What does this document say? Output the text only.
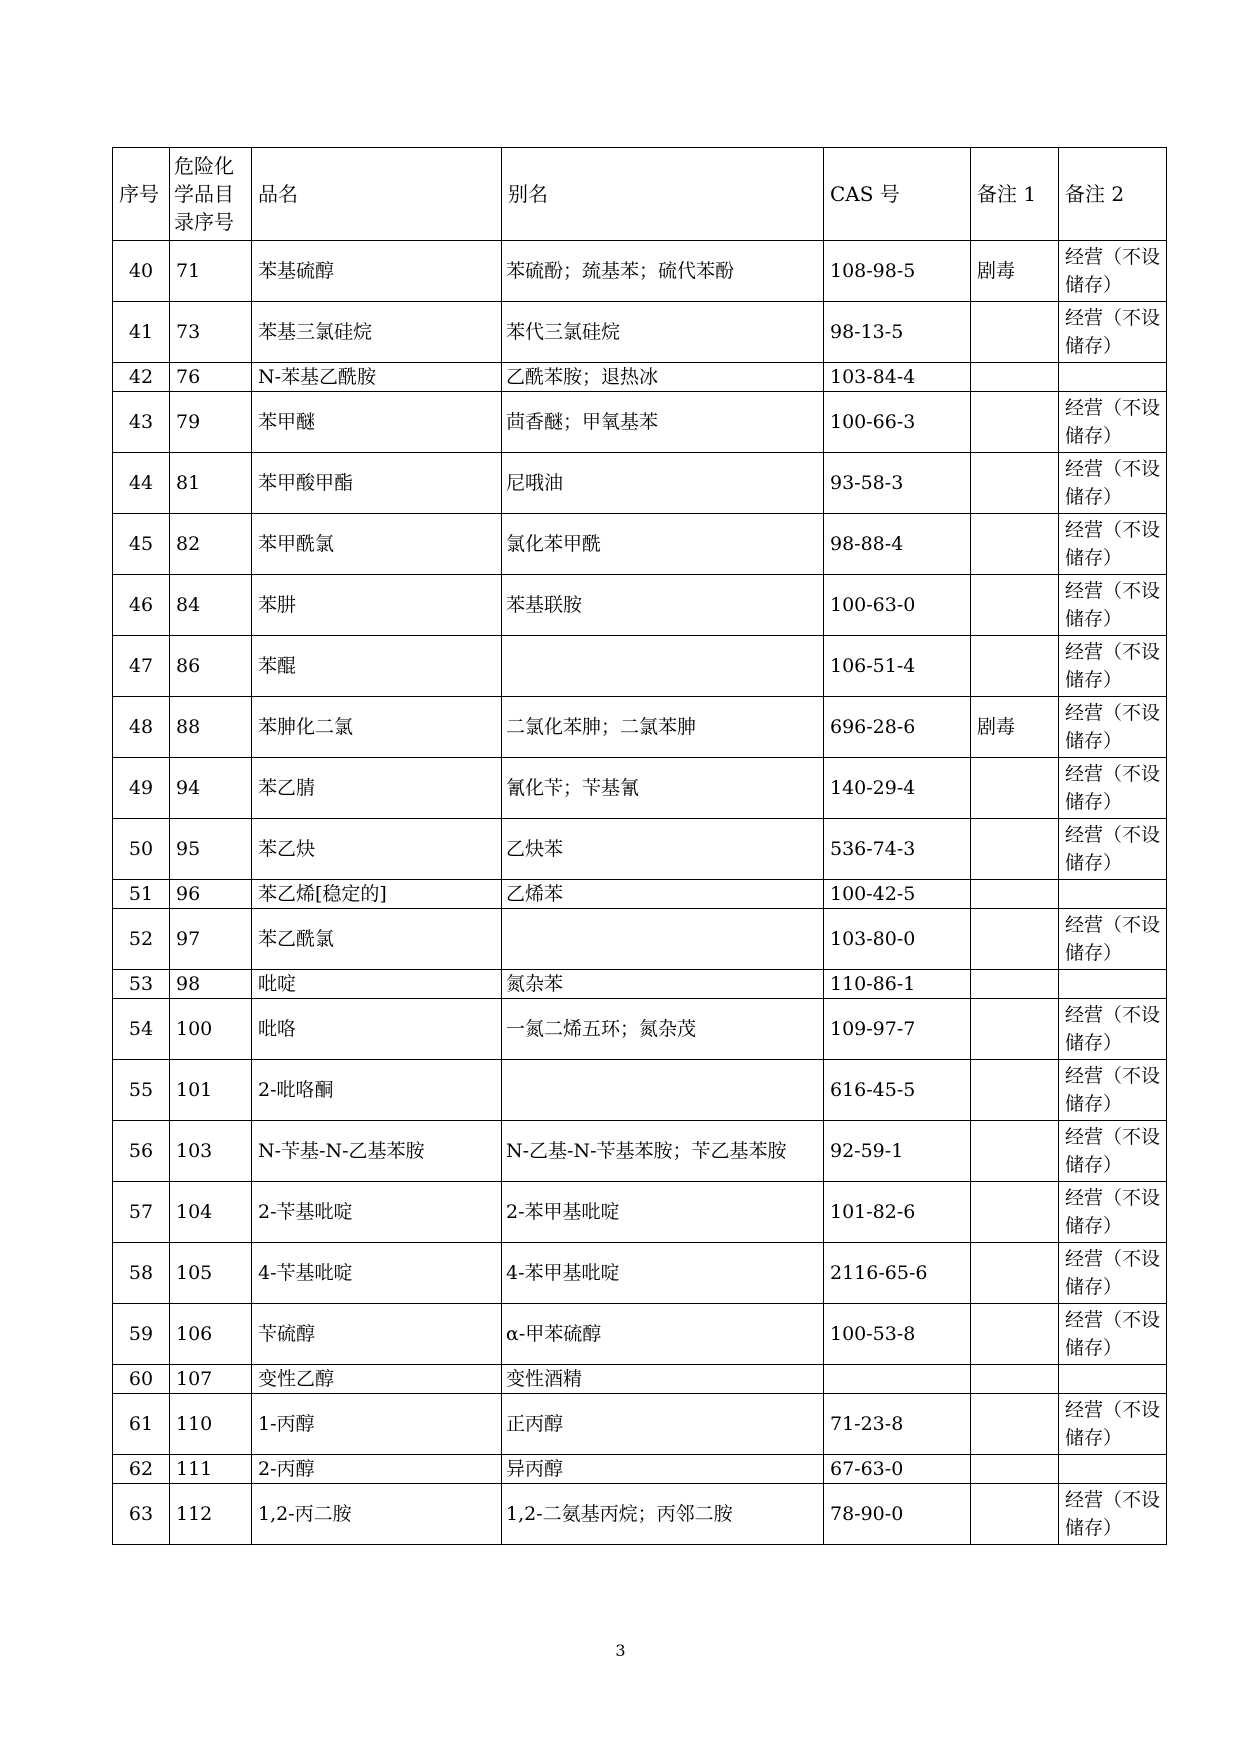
序号	危险化学品目录序号	品名	别名	CAS 号	备注 1	备注 2
40	71	苯基硫醇	苯硫酚；巯基苯；硫代苯酚	108-98-5	剧毒	经营（不设储存）
41	73	苯基三氯硅烷	苯代三氯硅烷	98-13-5		经营（不设储存）
42	76	N-苯基乙酰胺	乙酰苯胺；退热冰	103-84-4		
43	79	苯甲醚	茴香醚；甲氧基苯	100-66-3		经营（不设储存）
44	81	苯甲酸甲酯	尼哦油	93-58-3		经营（不设储存）
45	82	苯甲酰氯	氯化苯甲酰	98-88-4		经营（不设储存）
46	84	苯肼	苯基联胺	100-63-0		经营（不设储存）
47	86	苯醌		106-51-4		经营（不设储存）
48	88	苯胂化二氯	二氯化苯胂；二氯苯胂	696-28-6	剧毒	经营（不设储存）
49	94	苯乙腈	氰化苄；苄基氰	140-29-4		经营（不设储存）
50	95	苯乙炔	乙炔苯	536-74-3		经营（不设储存）
51	96	苯乙烯[稳定的]	乙烯苯	100-42-5		
52	97	苯乙酰氯		103-80-0		经营（不设储存）
53	98	吡啶	氮杂苯	110-86-1		
54	100	吡咯	一氮二烯五环；氮杂茂	109-97-7		经营（不设储存）
55	101	2-吡咯酮		616-45-5		经营（不设储存）
56	103	N-苄基-N-乙基苯胺	N-乙基-N-苄基苯胺；苄乙基苯胺	92-59-1		经营（不设储存）
57	104	2-苄基吡啶	2-苯甲基吡啶	101-82-6		经营（不设储存）
58	105	4-苄基吡啶	4-苯甲基吡啶	2116-65-6		经营（不设储存）
59	106	苄硫醇	α-甲苯硫醇	100-53-8		经营（不设储存）
60	107	变性乙醇	变性酒精			
61	110	1-丙醇	正丙醇	71-23-8		经营（不设储存）
62	111	2-丙醇	异丙醇	67-63-0		
63	112	1,2-丙二胺	1,2-二氨基丙烷；丙邻二胺	78-90-0		经营（不设储存）
3
